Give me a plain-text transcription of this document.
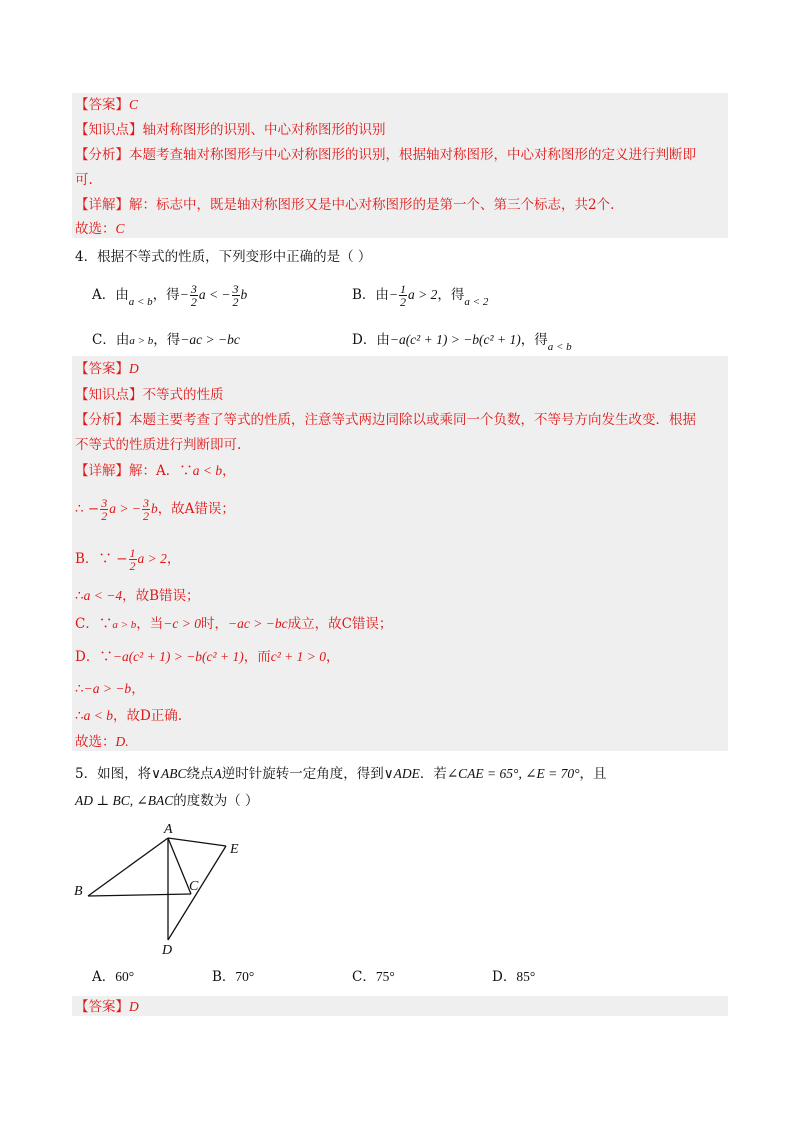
【答案】C
【知识点】轴对称图形的识别、中心对称图形的识别
【分析】本题考查轴对称图形与中心对称图形的识别，根据轴对称图形，中心对称图形的定义进行判断即
可.
【详解】解：标志中，既是轴对称图形又是中心对称图形的是第一个、第三个标志，共2个.
故选：C
4．根据不等式的性质，下列变形中正确的是（ ）
A．由$_{a < b}$，得− $\frac{3}{2}$ a < − $\frac{3}{2}$ b	B．由− $\frac{1}{2}$ a > 2，得$_{a < 2}$
C．由a > b，得−ac > −bc	D．由−a(c² + 1) > −b(c² + 1)，得$_{a < b}$
【答案】D
【知识点】不等式的性质
【分析】本题主要考查了等式的性质，注意等式两边同除以或乘同一个负数，不等号方向发生改变．根据
不等式的性质进行判断即可.
【详解】解：A．∵a < b，
∴ − $\frac{3}{2}$ a > − $\frac{3}{2}$ b，故A错误；
B．∵ − $\frac{1}{2}$ a > 2，
∴a < −4，故B错误；
C．∵a > b，当−c > 0时，−ac > −bc成立，故C错误；
D．∵−a(c² + 1) > −b(c² + 1)，而c² + 1 > 0，
∴−a > −b，
∴a < b，故D正确.
故选：D.
5．如图，将∨ABC绕点A逆时针旋转一定角度，得到∨ADE．若∠CAE = 65°, ∠E = 70°，且
AD ⊥ BC, ∠BAC的度数为（ ）
A
B	C
D
E
A．60°	B．70°	C．75°	D．85°
【答案】D
